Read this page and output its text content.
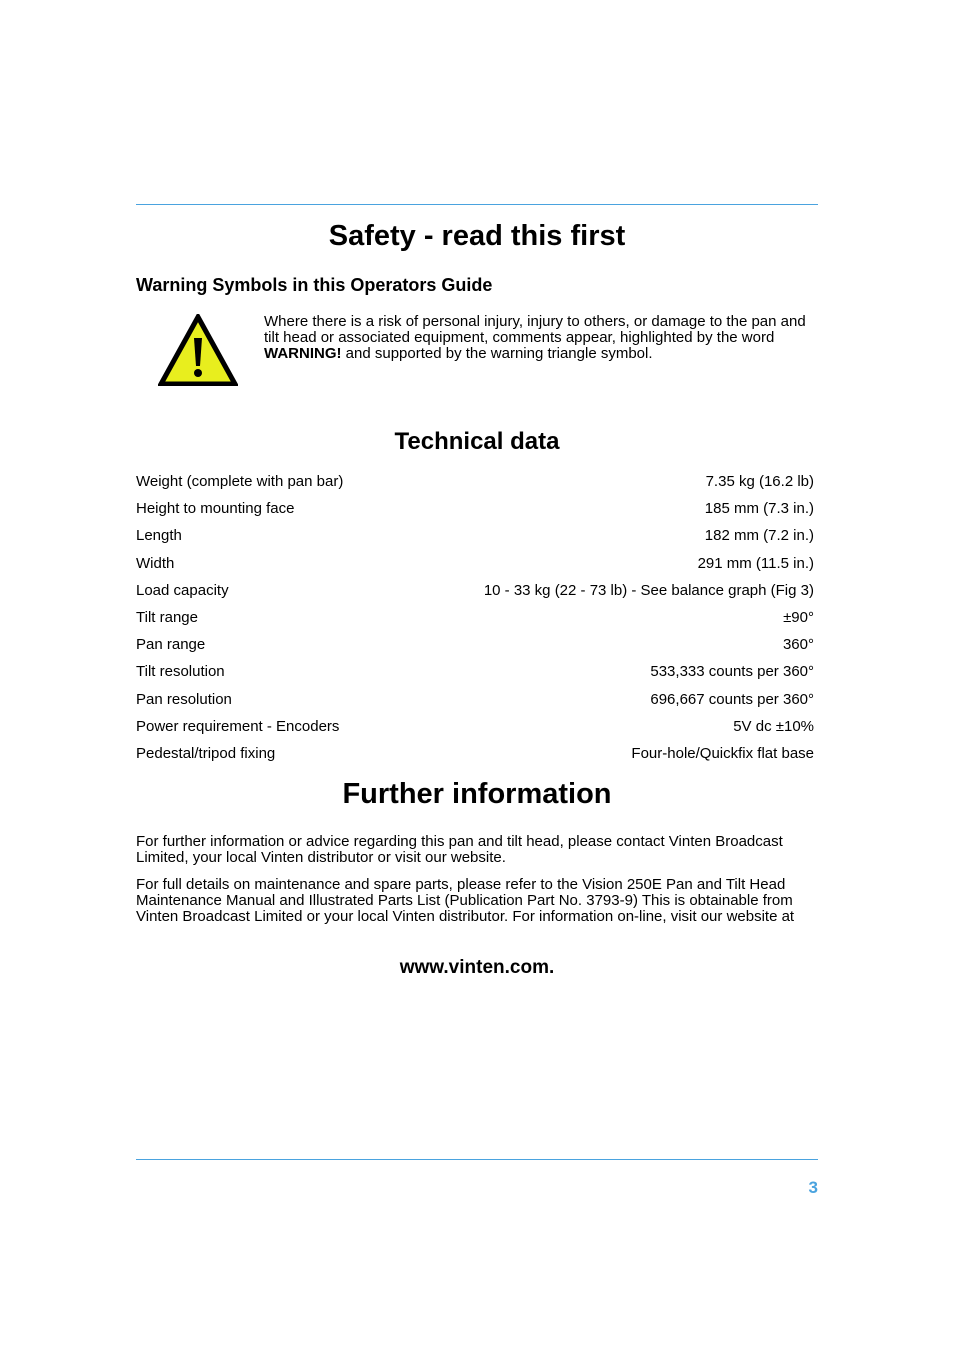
Safety - read this first
Warning Symbols in this Operators Guide

Where there is a risk of personal injury, injury to others, or damage to the pan and tilt head or associated equipment, comments appear, highlighted by the word WARNING! and supported by the warning triangle symbol.

Technical data
Weight (complete with pan bar)	7.35 kg (16.2 lb)
Height to mounting face	185 mm (7.3 in.)
Length	182 mm (7.2 in.)
Width	291 mm (11.5 in.)
Load capacity	10 - 33 kg (22 - 73 lb) - See balance graph (Fig 3)
Tilt range	±90°
Pan range	360°
Tilt resolution	533,333 counts per 360°
Pan resolution	696,667 counts per 360°
Power requirement - Encoders	5V dc ±10%
Pedestal/tripod fixing	Four-hole/Quickfix flat base
Further information

For further information or advice regarding this pan and tilt head, please contact Vinten Broadcast Limited, your local Vinten distributor or visit our website.

For full details on maintenance and spare parts, please refer to the Vision 250E Pan and Tilt Head Maintenance Manual and Illustrated Parts List (Publication Part No. 3793-9) This is obtainable from Vinten Broadcast Limited or your local Vinten distributor. For information on-line, visit our website at

www.vinten.com.

3
